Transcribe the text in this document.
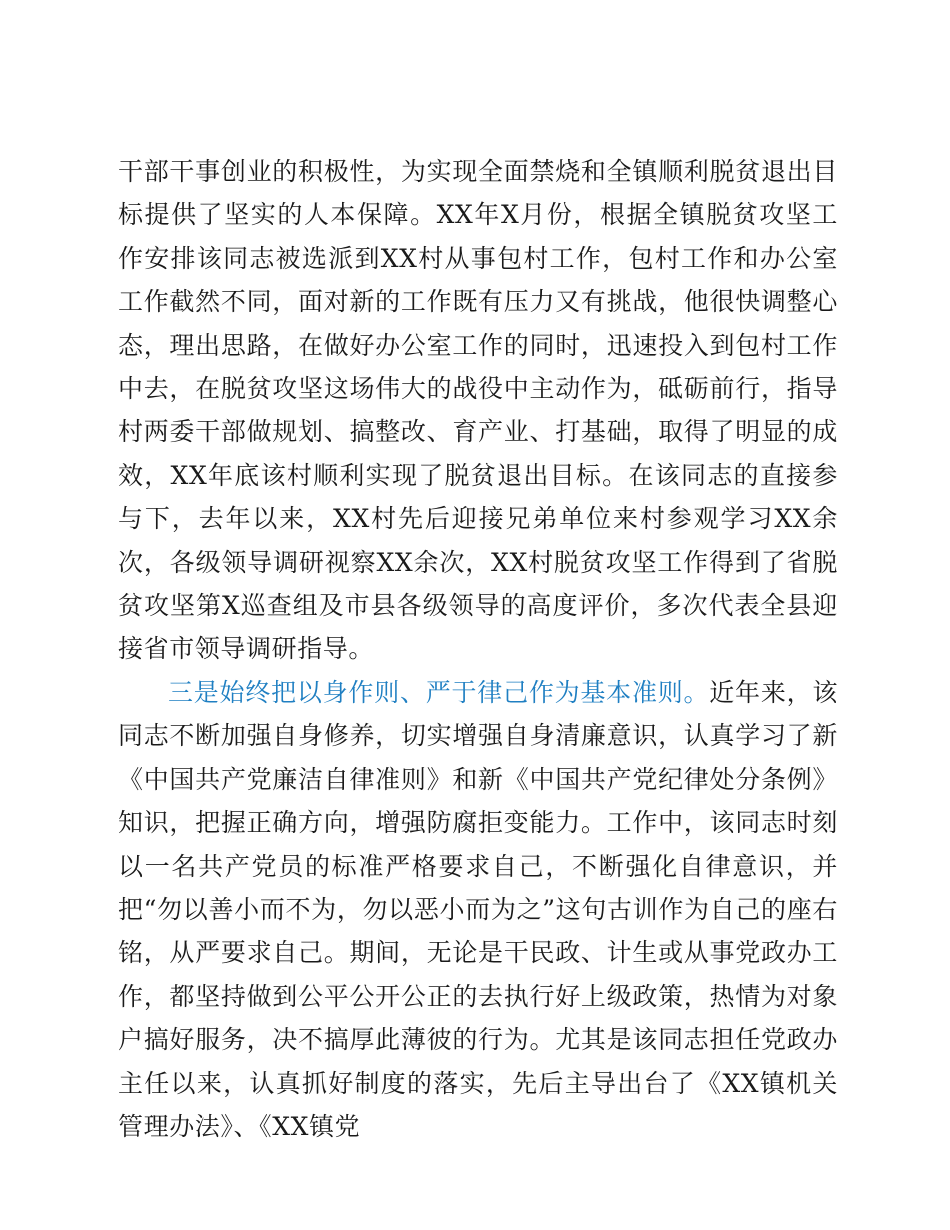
干部干事创业的积极性，为实现全面禁烧和全镇顺利脱贫退出目标提供了坚实的人本保障。XX年X月份，根据全镇脱贫攻坚工作安排该同志被选派到XX村从事包村工作，包村工作和办公室工作截然不同，面对新的工作既有压力又有挑战，他很快调整心态，理出思路，在做好办公室工作的同时，迅速投入到包村工作中去，在脱贫攻坚这场伟大的战役中主动作为，砥砺前行，指导村两委干部做规划、搞整改、育产业、打基础，取得了明显的成效，XX年底该村顺利实现了脱贫退出目标。在该同志的直接参与下，去年以来，XX村先后迎接兄弟单位来村参观学习XX余次，各级领导调研视察XX余次，XX村脱贫攻坚工作得到了省脱贫攻坚第X巡查组及市县各级领导的高度评价，多次代表全县迎接省市领导调研指导。

三是始终把以身作则、严于律己作为基本准则。近年来，该同志不断加强自身修养，切实增强自身清廉意识，认真学习了新《中国共产党廉洁自律准则》和新《中国共产党纪律处分条例》知识，把握正确方向，增强防腐拒变能力。工作中，该同志时刻以一名共产党员的标准严格要求自己，不断强化自律意识，并把“勿以善小而不为，勿以恶小而为之”这句古训作为自己的座右铭，从严要求自己。期间，无论是干民政、计生或从事党政办工作，都坚持做到公平公开公正的去执行好上级政策，热情为对象户搞好服务，决不搞厚此薄彼的行为。尤其是该同志担任党政办主任以来，认真抓好制度的落实，先后主导出台了《XX镇机关管理办法》、《XX镇党
